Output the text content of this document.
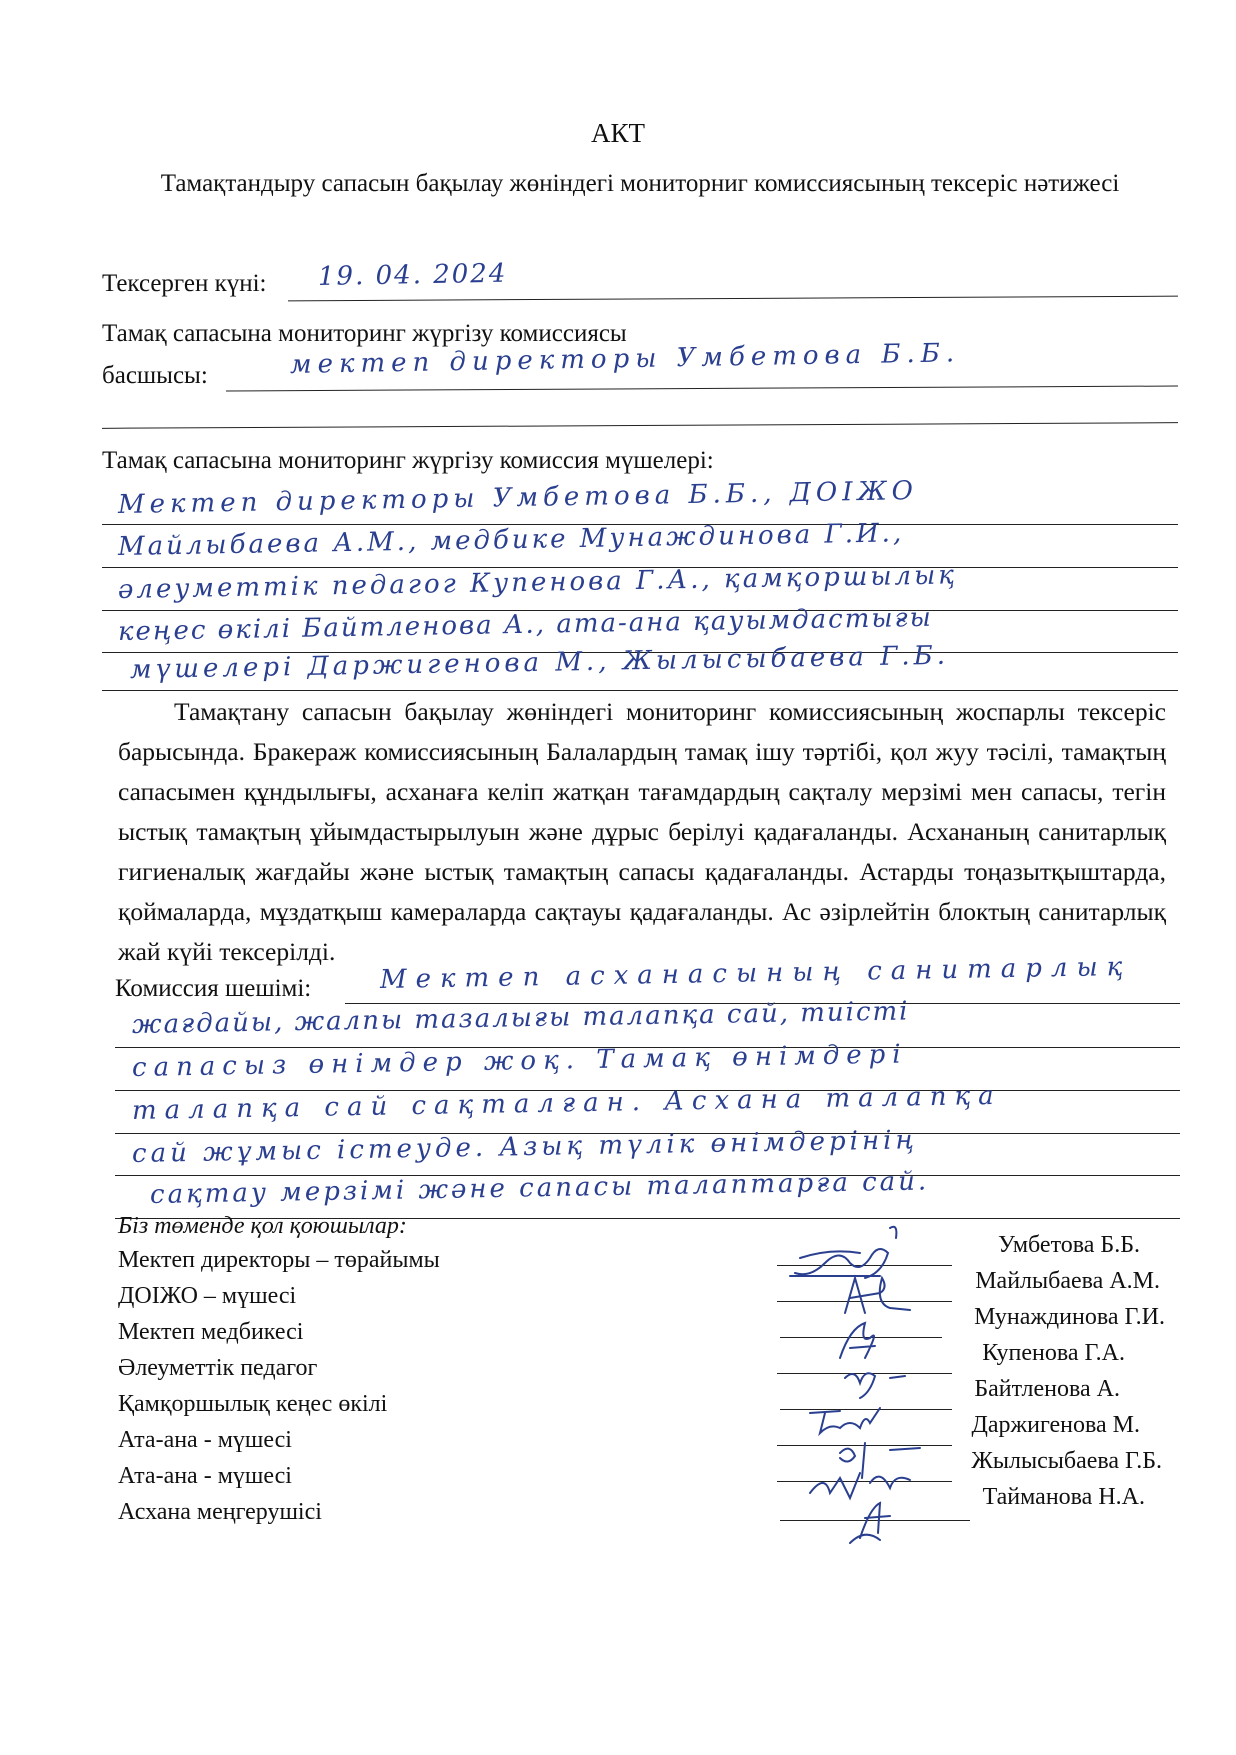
АКТ
Тамақтандыру сапасын бақылау жөніндегі мониторниг комиссиясының тексеріс нәтижесі
Тексерген күні: 19. 04. 2024
Тамақ сапасына мониторинг жүргізу комиссиясы
басшысы:	мектеп директоры Умбетова Б.Б.
Тамақ сапасына мониторинг жүргізу комиссия мүшелері:
Мектеп директоры Умбетова Б.Б., ДОІЖО
Майлыбаева А.М., медбике Мунаждинова Г.И.,
әлеуметтік педагог Купенова Г.А., қамқоршылық
кеңес өкілі Байтленова А., ата-ана қауымдастығы
мүшелері Даржигенова М., Жылысыбаева Г.Б.
Тамақтану сапасын бақылау жөніндегі мониторинг комиссиясының жоспарлы тексеріс барысында. Бракераж комиссиясының Балалардың тамақ ішу тәртібі, қол жуу тәсілі, тамақтың сапасымен құндылығы, асханаға келіп жатқан тағамдардың сақталу мерзімі мен сапасы, тегін ыстық тамақтың ұйымдастырылуын және дұрыс берілуі қадағаланды. Асхананың санитарлық гигиеналық жағдайы және ыстық тамақтың сапасы қадағаланды. Астарды тоңазытқыштарда, қоймаларда, мұздатқыш камераларда сақтауы қадағаланды. Ас әзірлейтін блоктың санитарлық жай күйі тексерілді.
Комиссия шешімі:	Мектеп асханасының санитарлық
жағдайы, жалпы тазалығы талапқа сай, тиісті
сапасыз өнімдер жоқ. Тамақ өнімдері
талапқа сай сақталған. Асхана талапқа
сай жұмыс істеуде. Азық түлік өнімдерінің
сақтау мерзімі және сапасы талаптарға сай.
Біз төменде қол қоюшылар:
Мектеп директоры – төрайымы
ДОІЖО – мүшесі
Мектеп медбикесі
Әлеуметтік педагог
Қамқоршылық кеңес өкілі
Ата-ана - мүшесі
Ата-ана - мүшесі
Асхана меңгерушісі
Умбетова Б.Б.
Майлыбаева А.М.
Мунаждинова Г.И.
Купенова Г.А.
Байтленова А.
Даржигенова М.
Жылысыбаева Г.Б.
Тайманова Н.А.
